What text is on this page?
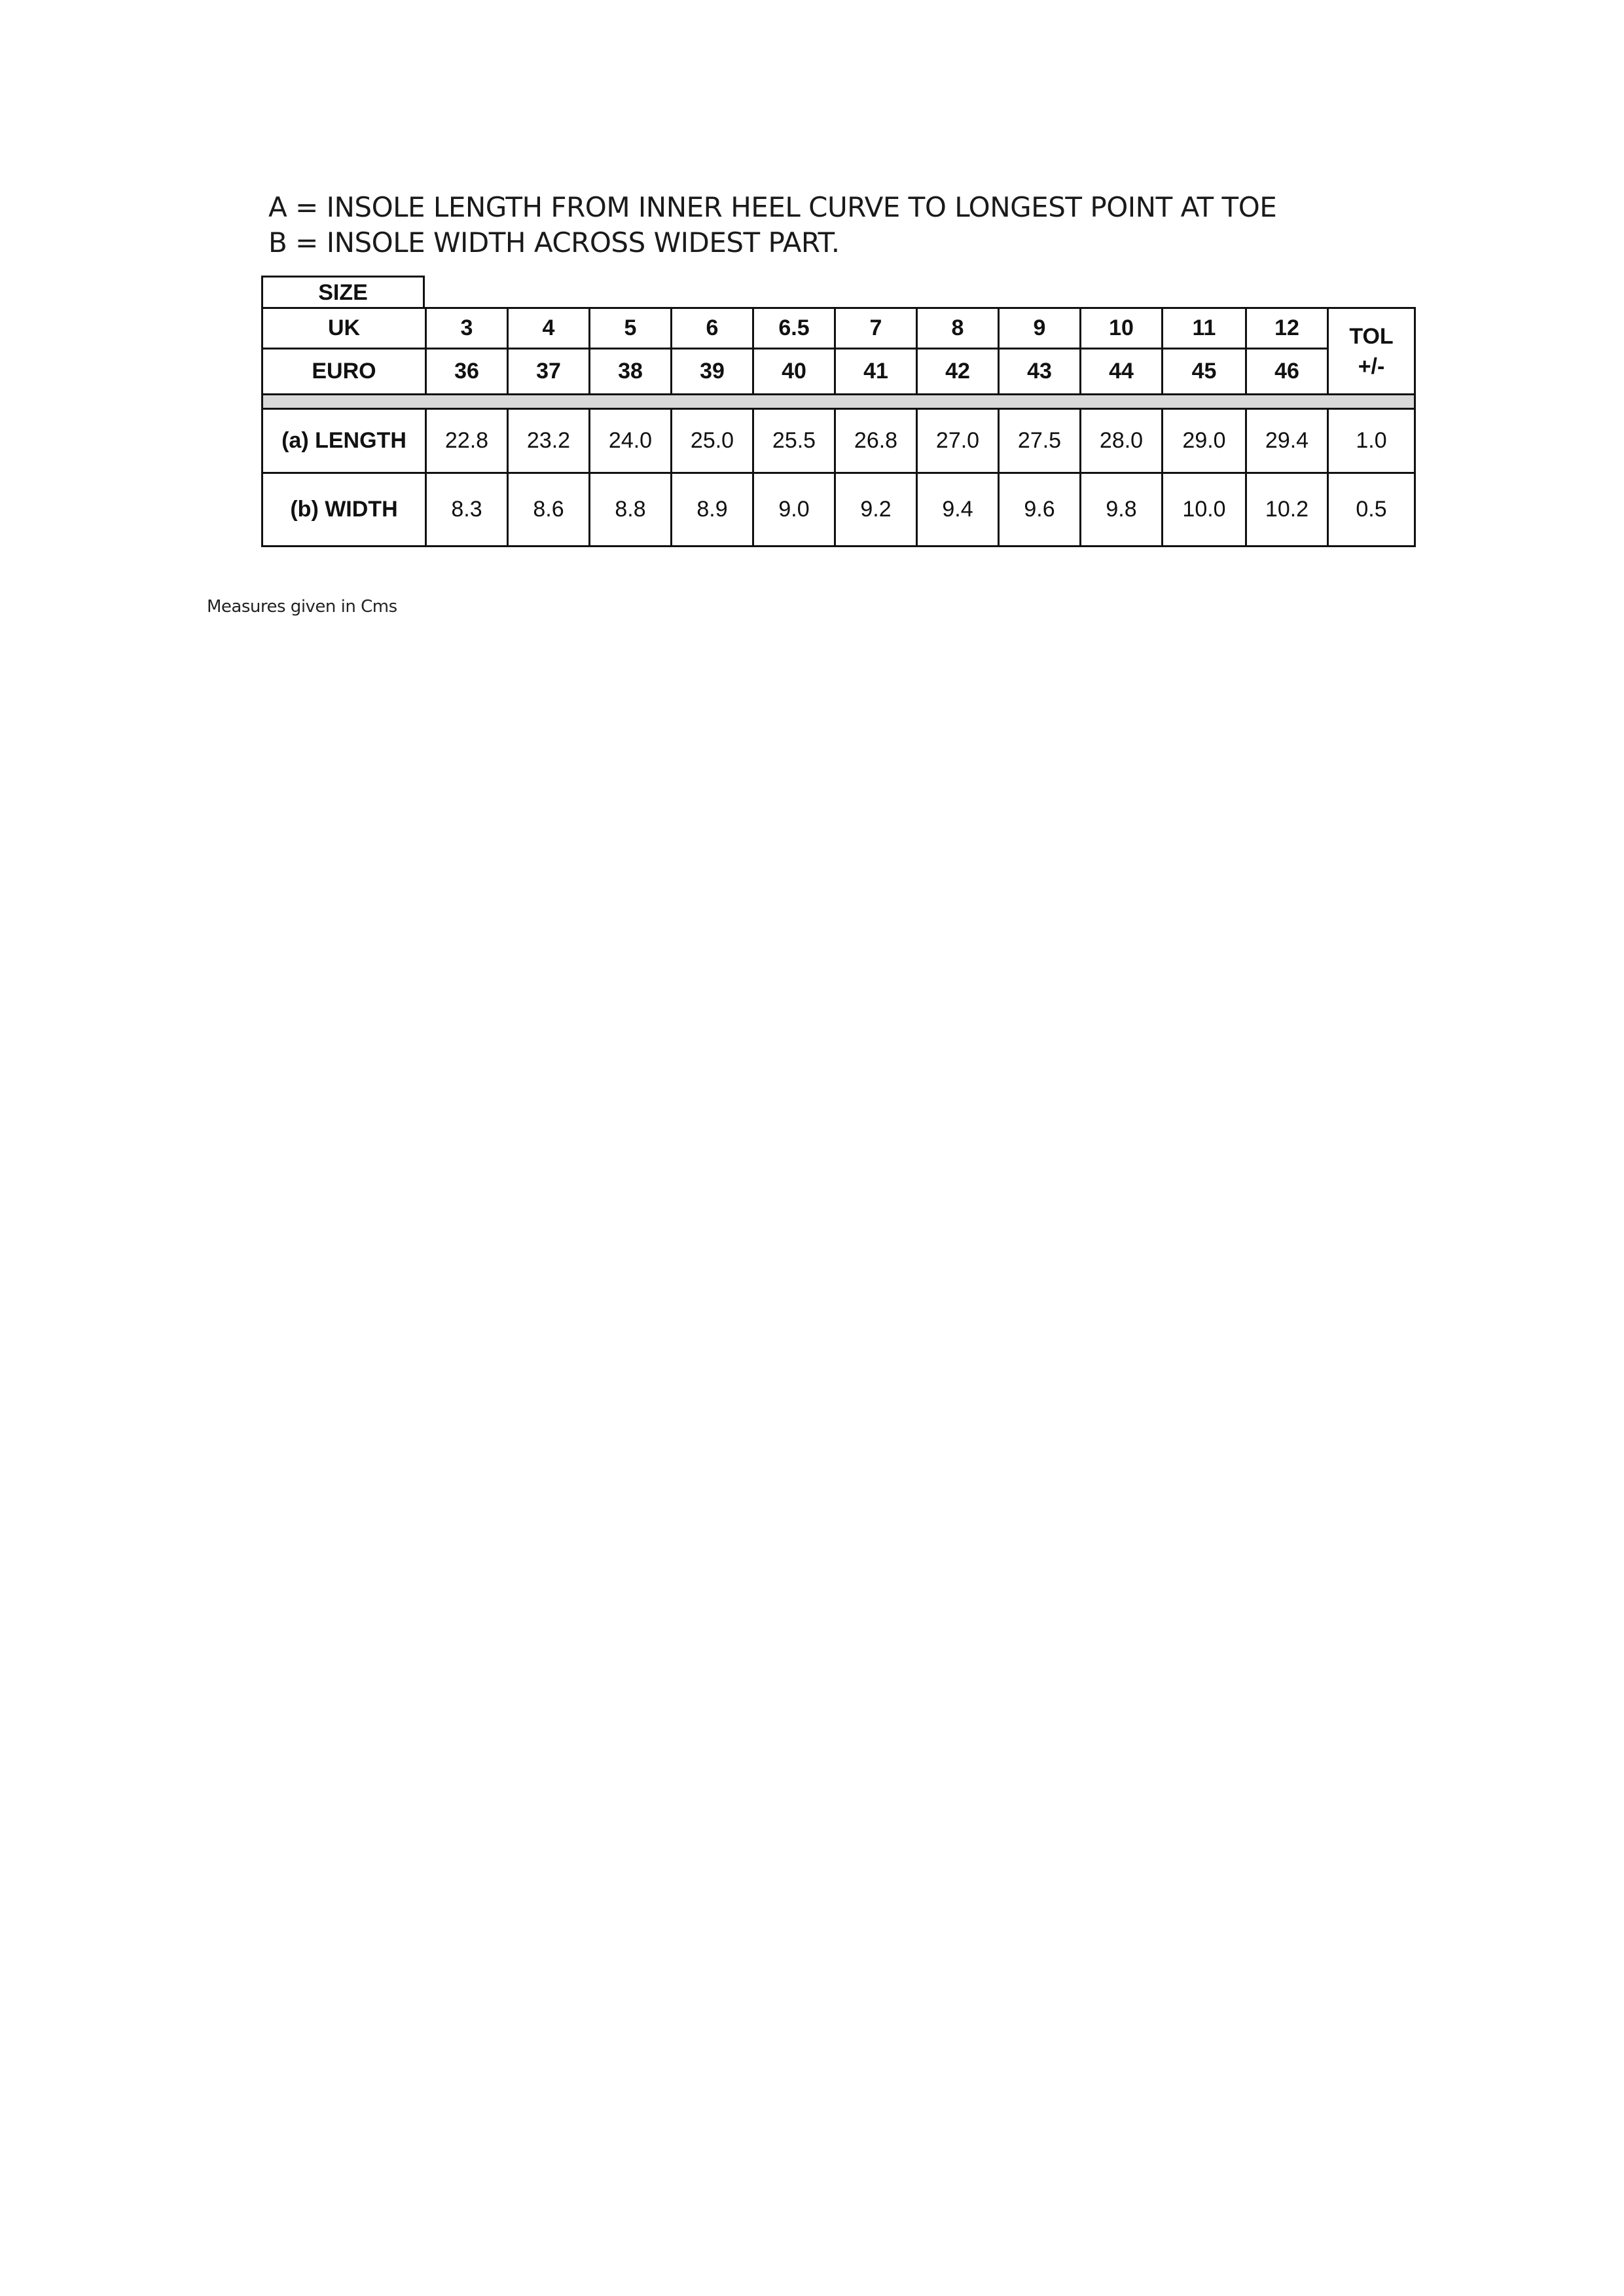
A = INSOLE LENGTH FROM INNER HEEL CURVE TO LONGEST POINT AT TOE
B = INSOLE WIDTH ACROSS WIDEST PART.
SIZE
UK	3	4	5	6	6.5	7	8	9	10	11	12	TOL
+/-

EURO	36	37	38	39	40	41	42	43	44	45	46	

(a) LENGTH	22.8	23.2	24.0	25.0	25.5	26.8	27.0	27.5	28.0	29.0	29.4	1.0
(b) WIDTH	8.3	8.6	8.8	8.9	9.0	9.2	9.4	9.6	9.8	10.0	10.2	0.5
Measures given in Cms
